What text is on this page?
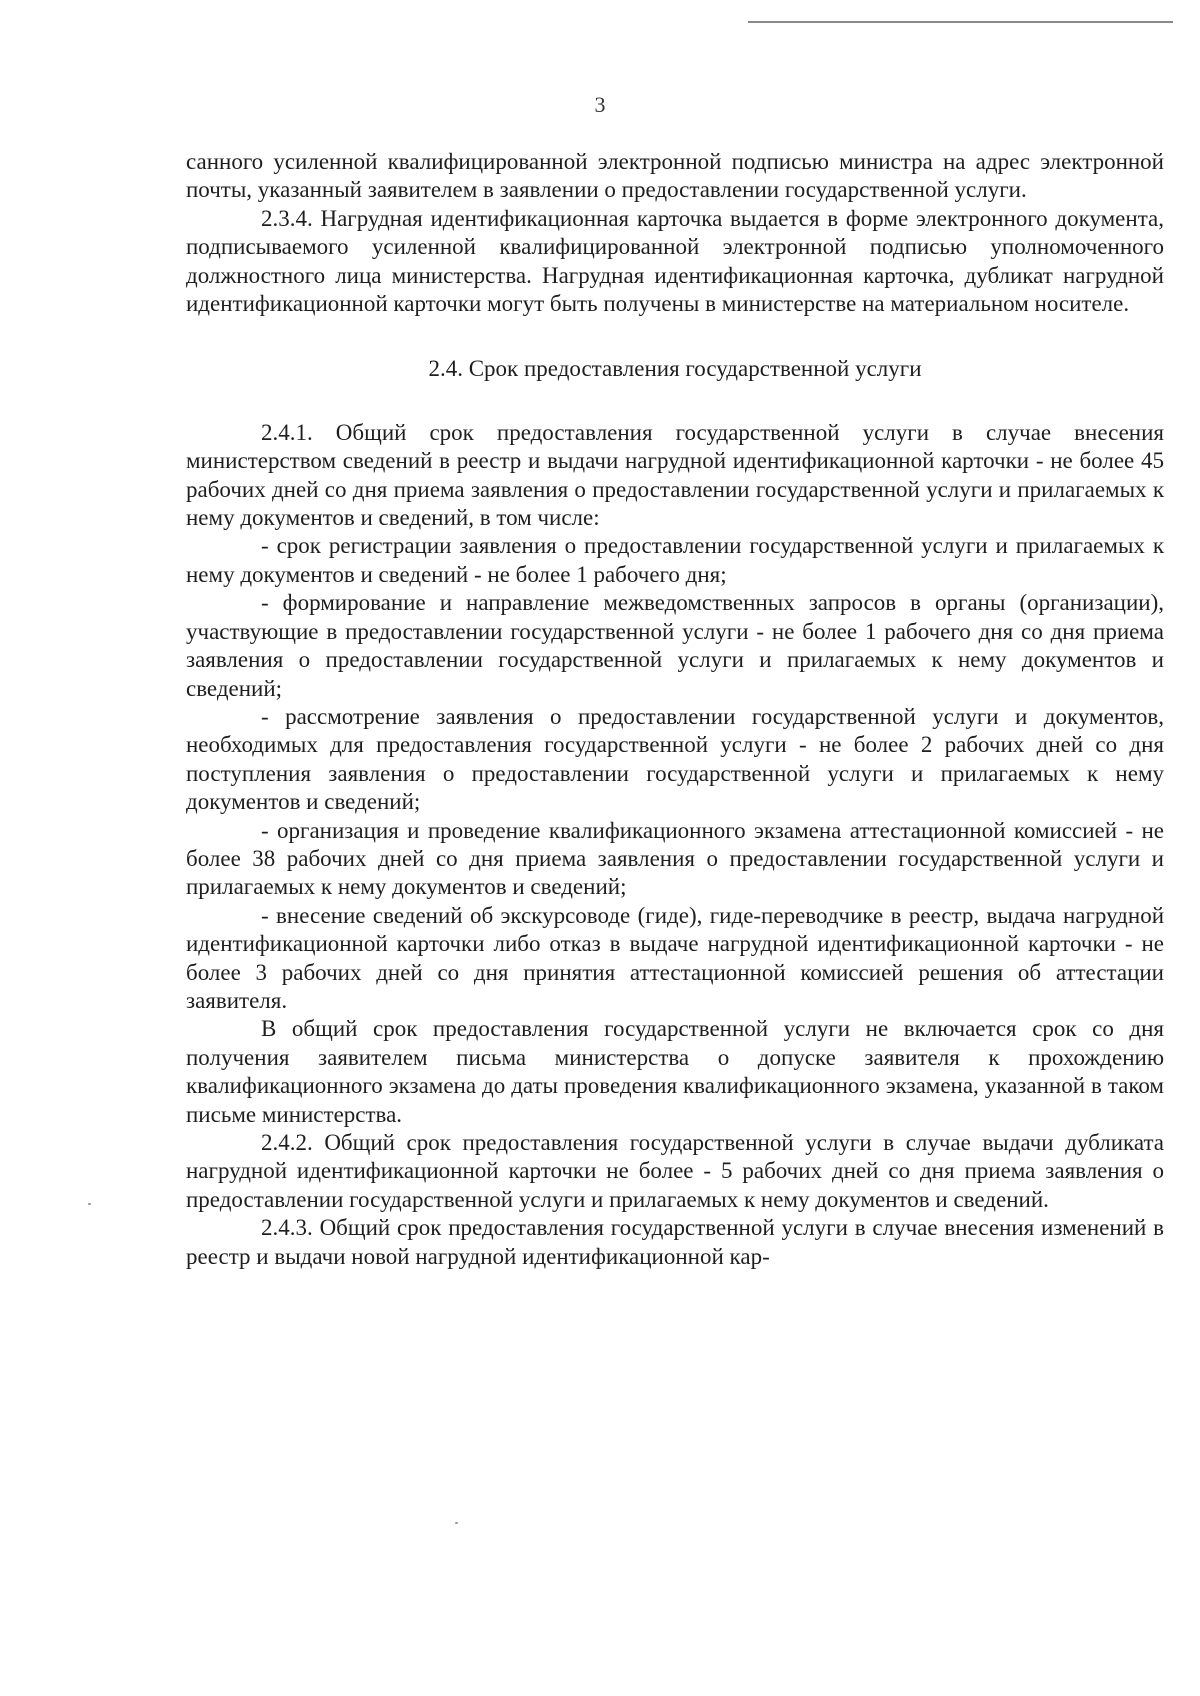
3

санного усиленной квалифицированной электронной подписью министра на адрес электронной почты, указанный заявителем в заявлении о предоставлении государственной услуги.

2.3.4. Нагрудная идентификационная карточка выдается в форме электронного документа, подписываемого усиленной квалифицированной электронной подписью уполномоченного должностного лица министерства. Нагрудная идентификационная карточка, дубликат нагрудной идентификационной карточки могут быть получены в министерстве на материальном носителе.

2.4. Срок предоставления государственной услуги

2.4.1. Общий срок предоставления государственной услуги в случае внесения министерством сведений в реестр и выдачи нагрудной идентификационной карточки - не более 45 рабочих дней со дня приема заявления о предоставлении государственной услуги и прилагаемых к нему документов и сведений, в том числе:

- срок регистрации заявления о предоставлении государственной услуги и прилагаемых к нему документов и сведений - не более 1 рабочего дня;

- формирование и направление межведомственных запросов в органы (организации), участвующие в предоставлении государственной услуги - не более 1 рабочего дня со дня приема заявления о предоставлении государственной услуги и прилагаемых к нему документов и сведений;

- рассмотрение заявления о предоставлении государственной услуги и документов, необходимых для предоставления государственной услуги - не более 2 рабочих дней со дня поступления заявления о предоставлении государственной услуги и прилагаемых к нему документов и сведений;

- организация и проведение квалификационного экзамена аттестационной комиссией - не более 38 рабочих дней со дня приема заявления о предоставлении государственной услуги и прилагаемых к нему документов и сведений;

- внесение сведений об экскурсоводе (гиде), гиде-переводчике в реестр, выдача нагрудной идентификационной карточки либо отказ в выдаче нагрудной идентификационной карточки - не более 3 рабочих дней со дня принятия аттестационной комиссией решения об аттестации заявителя.

В общий срок предоставления государственной услуги не включается срок со дня получения заявителем письма министерства о допуске заявителя к прохождению квалификационного экзамена до даты проведения квалификационного экзамена, указанной в таком письме министерства.

2.4.2. Общий срок предоставления государственной услуги в случае выдачи дубликата нагрудной идентификационной карточки не более - 5 рабочих дней со дня приема заявления о предоставлении государственной услуги и прилагаемых к нему документов и сведений.

2.4.3. Общий срок предоставления государственной услуги в случае внесения изменений в реестр и выдачи новой нагрудной идентификационной кар-
